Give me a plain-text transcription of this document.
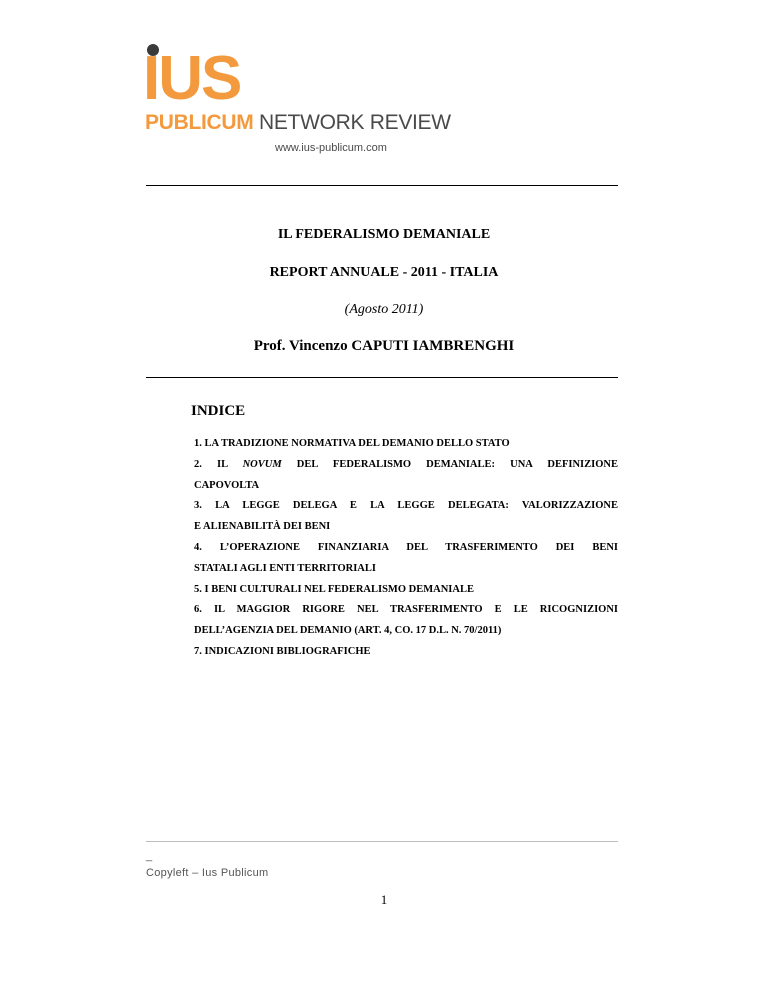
IUS
PUBLICUM NETWORK REVIEW
www.ius-publicum.com
IL FEDERALISMO DEMANIALE
REPORT ANNUALE - 2011 - ITALIA
(Agosto 2011)
Prof. Vincenzo CAPUTI IAMBRENGHI
INDICE
1. LA TRADIZIONE NORMATIVA DEL DEMANIO DELLO STATO
2. IL NOVUM DEL FEDERALISMO DEMANIALE: UNA DEFINIZIONE
CAPOVOLTA
3. LA LEGGE DELEGA E LA LEGGE DELEGATA: VALORIZZAZIONE
E ALIENABILITÀ DEI BENI
4. L’OPERAZIONE FINANZIARIA DEL TRASFERIMENTO DEI BENI
STATALI AGLI ENTI TERRITORIALI
5. I BENI CULTURALI NEL FEDERALISMO DEMANIALE
6. IL MAGGIOR RIGORE NEL TRASFERIMENTO E LE RICOGNIZIONI
DELL’AGENZIA DEL DEMANIO (ART. 4, CO. 17 D.L. N. 70/2011)
7. INDICAZIONI BIBLIOGRAFICHE
_
Copyleft – Ius Publicum
1
